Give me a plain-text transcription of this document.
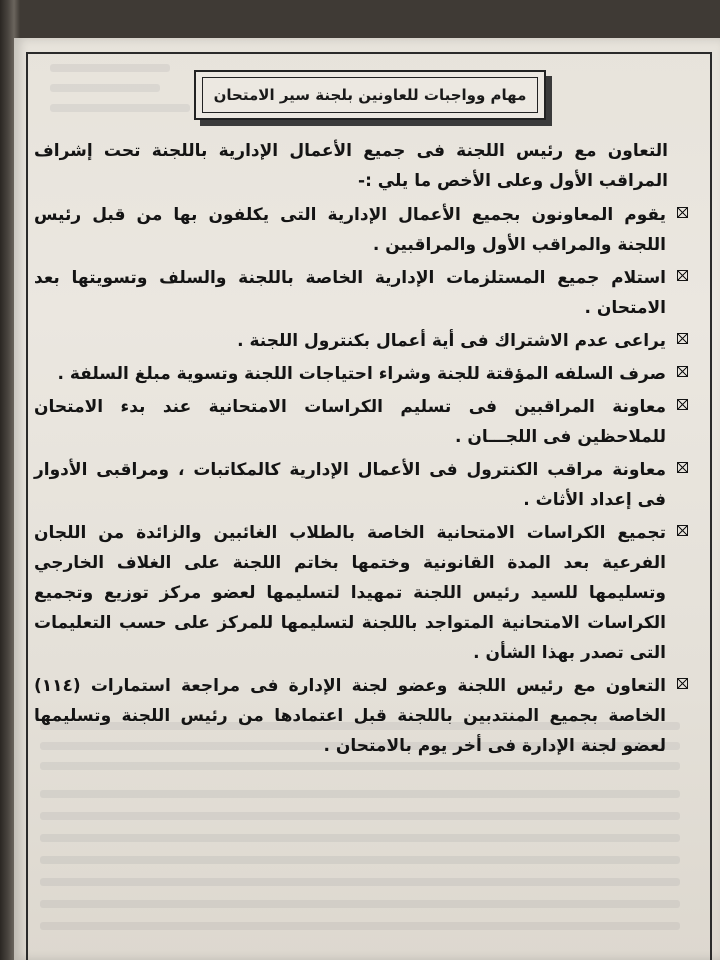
مهام وواجبات للعاونين بلجنة سير الامتحان

التعاون مع رئيس اللجنة فى جميع الأعمال الإدارية باللجنة تحت إشراف المراقب الأول وعلى الأخص ما يلي :-

يقوم المعاونون بجميع الأعمال الإدارية التى يكلفون بها من قبل رئيس اللجنة والمراقب الأول والمراقبين .
استلام جميع المستلزمات الإدارية الخاصة باللجنة والسلف وتسويتها بعد الامتحان .
يراعى عدم الاشتراك فى أية أعمال بكنترول اللجنة .
صرف السلفه المؤقتة للجنة وشراء احتياجات اللجنة وتسوية مبلغ السلفة .
معاونة المراقبين فى تسليم الكراسات الامتحانية عند بدء الامتحان للملاحظين فى اللجـــان .
معاونة مراقب الكنترول فى الأعمال الإدارية كالمكاتبات ، ومراقبى الأدوار فى إعداد الأثاث .
تجميع الكراسات الامتحانية الخاصة بالطلاب الغائبين والزائدة من اللجان الفرعية بعد المدة القانونية وختمها بخاتم اللجنة على الغلاف الخارجي وتسليمها للسيد رئيس اللجنة تمهيدا لتسليمها لعضو مركز توزيع وتجميع الكراسات الامتحانية المتواجد باللجنة لتسليمها للمركز على حسب التعليمات التى تصدر بهذا الشأن .
التعاون مع رئيس اللجنة وعضو لجنة الإدارة فى مراجعة استمارات (١١٤) الخاصة بجميع المنتدبين باللجنة قبل اعتمادها من رئيس اللجنة وتسليمها لعضو لجنة الإدارة فى أخر يوم بالامتحان .
